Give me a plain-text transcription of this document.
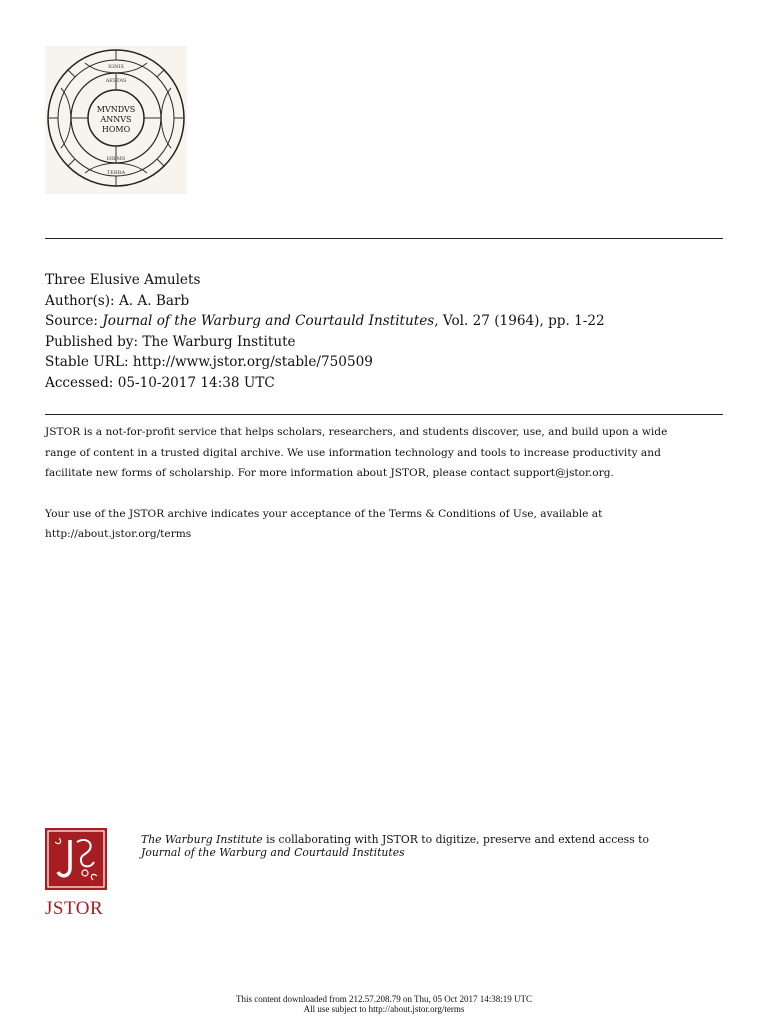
IGNIS
TERRA
AESTAS
HIEMS
MVNDVS
ANNVS
HOMO
Three Elusive Amulets
Author(s): A. A. Barb
Source: Journal of the Warburg and Courtauld Institutes, Vol. 27 (1964), pp. 1-22
Published by: The Warburg Institute
Stable URL: http://www.jstor.org/stable/750509
Accessed: 05-10-2017 14:38 UTC

JSTOR is a not-for-profit service that helps scholars, researchers, and students discover, use, and build upon a wide

range of content in a trusted digital archive. We use information technology and tools to increase productivity and

facilitate new forms of scholarship. For more information about JSTOR, please contact support@jstor.org.

Your use of the JSTOR archive indicates your acceptance of the Terms & Conditions of Use, available at

http://about.jstor.org/terms

JSTOR
The Warburg Institute is collaborating with JSTOR to digitize, preserve and extend access to
Journal of the Warburg and Courtauld Institutes
This content downloaded from 212.57.208.79 on Thu, 05 Oct 2017 14:38:19 UTC
All use subject to http://about.jstor.org/terms
